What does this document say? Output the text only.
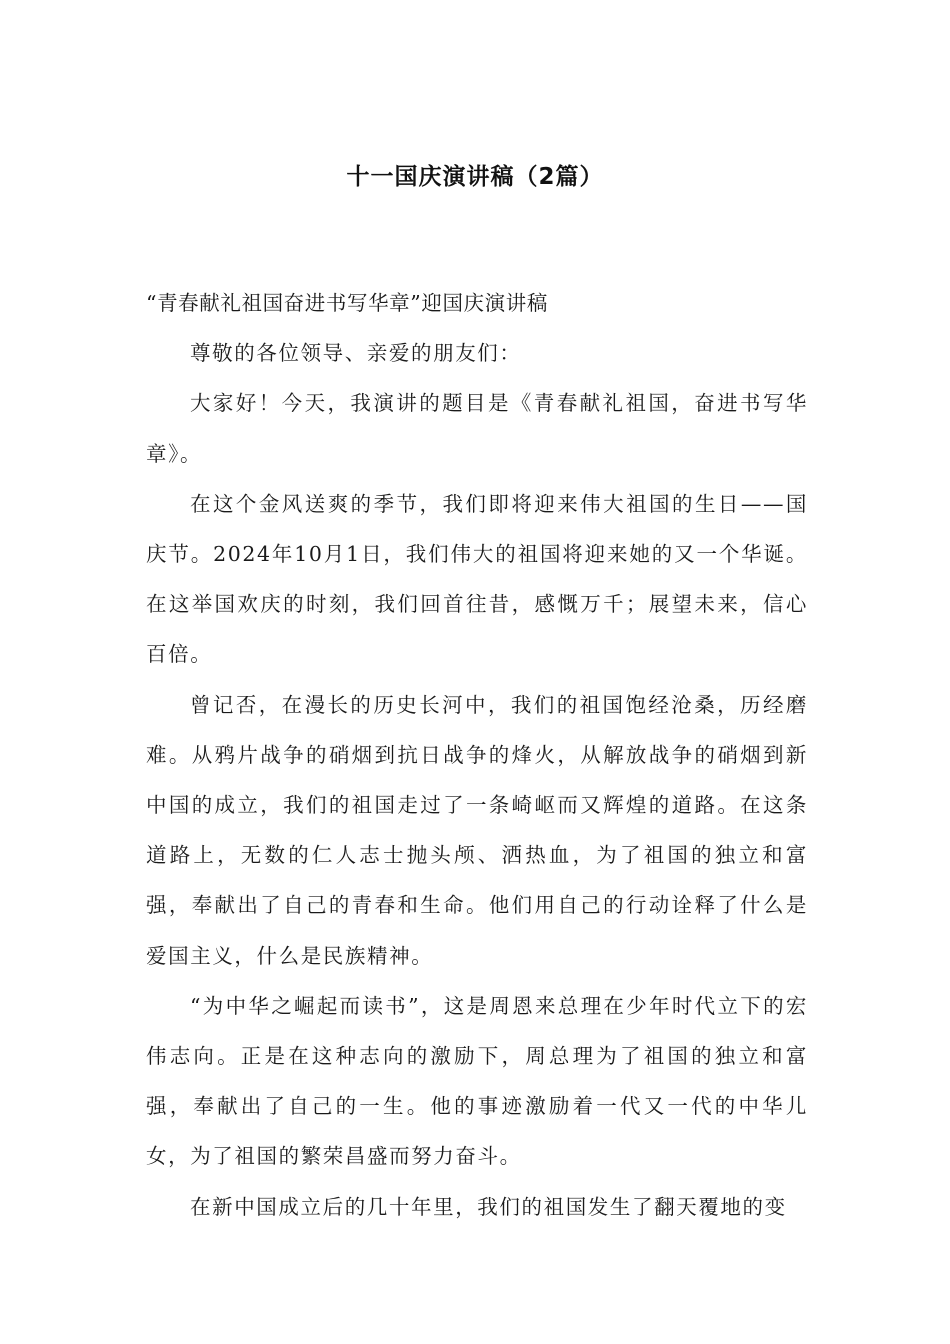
十一国庆演讲稿（2篇）

“青春献礼祖国奋进书写华章”迎国庆演讲稿

尊敬的各位领导、亲爱的朋友们：

大家好！今天，我演讲的题目是《青春献礼祖国，奋进书写华章》。

在这个金风送爽的季节，我们即将迎来伟大祖国的生日——国庆节。2024年10月1日，我们伟大的祖国将迎来她的又一个华诞。在这举国欢庆的时刻，我们回首往昔，感慨万千；展望未来，信心百倍。

曾记否，在漫长的历史长河中，我们的祖国饱经沧桑，历经磨难。从鸦片战争的硝烟到抗日战争的烽火，从解放战争的硝烟到新中国的成立，我们的祖国走过了一条崎岖而又辉煌的道路。在这条道路上，无数的仁人志士抛头颅、洒热血，为了祖国的独立和富强，奉献出了自己的青春和生命。他们用自己的行动诠释了什么是爱国主义，什么是民族精神。

“为中华之崛起而读书”，这是周恩来总理在少年时代立下的宏伟志向。正是在这种志向的激励下，周总理为了祖国的独立和富强，奉献出了自己的一生。他的事迹激励着一代又一代的中华儿女，为了祖国的繁荣昌盛而努力奋斗。

在新中国成立后的几十年里，我们的祖国发生了翻天覆地的变
